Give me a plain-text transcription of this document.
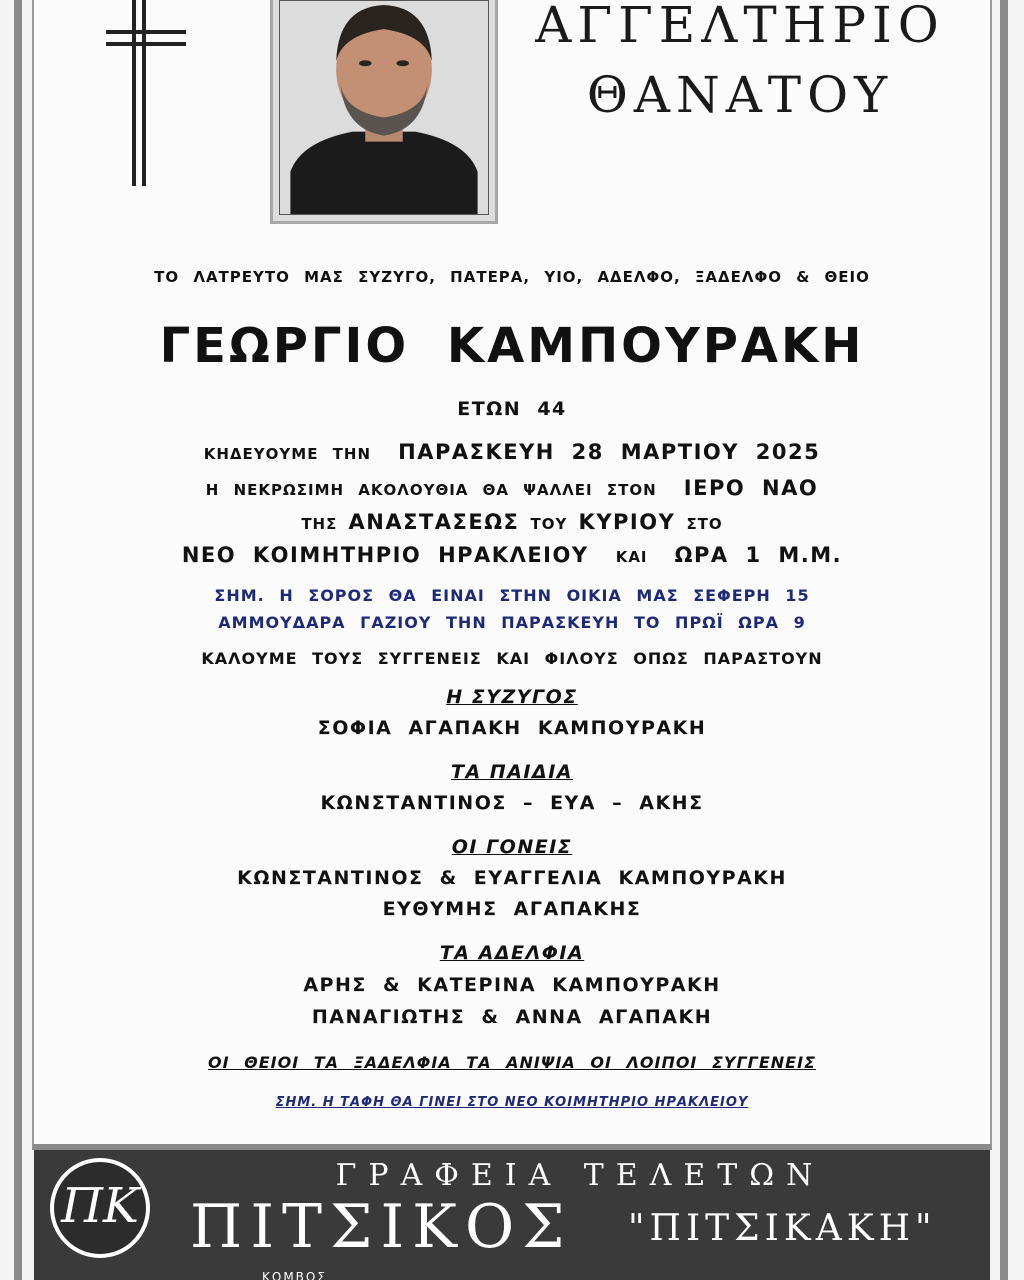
ΑΓΓΕΛΤΗΡΙΟ
ΘΑΝΑΤΟΥ
ΤΟ ΛΑΤΡΕΥΤΟ ΜΑΣ ΣΥΖΥΓΟ, ΠΑΤΕΡΑ, ΥΙΟ, ΑΔΕΛΦΟ, ΞΑΔΕΛΦΟ & ΘΕΙΟ
ΓΕΩΡΓΙΟ ΚΑΜΠΟΥΡΑΚΗ
ΕΤΩΝ 44
ΚΗΔΕΥΟΥΜΕ ΤΗΝ ΠΑΡΑΣΚΕΥΗ 28 ΜΑΡΤΙΟΥ 2025
Η ΝΕΚΡΩΣΙΜΗ ΑΚΟΛΟΥΘΙΑ ΘΑ ΨΑΛΛΕΙ ΣΤΟΝ ΙΕΡΟ ΝΑΟ
ΤΗΣ ΑΝΑΣΤΑΣΕΩΣ ΤΟΥ ΚΥΡΙΟΥ ΣΤΟ
ΝΕΟ ΚΟΙΜΗΤΗΡΙΟ ΗΡΑΚΛΕΙΟΥ ΚΑΙ ΩΡΑ 1 Μ.Μ.
ΣΗΜ. Η ΣΟΡΟΣ ΘΑ ΕΙΝΑΙ ΣΤΗΝ ΟΙΚΙΑ ΜΑΣ ΣΕΦΕΡΗ 15
ΑΜΜΟΥΔΑΡΑ ΓΑΖΙΟΥ ΤΗΝ ΠΑΡΑΣΚΕΥΗ ΤΟ ΠΡΩΪ ΩΡΑ 9
ΚΑΛΟΥΜΕ ΤΟΥΣ ΣΥΓΓΕΝΕΙΣ ΚΑΙ ΦΙΛΟΥΣ ΟΠΩΣ ΠΑΡΑΣΤΟΥΝ
Η ΣΥΖΥΓΟΣ
ΣΟΦΙΑ ΑΓΑΠΑΚΗ ΚΑΜΠΟΥΡΑΚΗ
ΤΑ ΠΑΙΔΙΑ
ΚΩΝΣΤΑΝΤΙΝΟΣ – ΕΥΑ – ΑΚΗΣ
ΟΙ ΓΟΝΕΙΣ
ΚΩΝΣΤΑΝΤΙΝΟΣ & ΕΥΑΓΓΕΛΙΑ ΚΑΜΠΟΥΡΑΚΗ
ΕΥΘΥΜΗΣ ΑΓΑΠΑΚΗΣ
ΤΑ ΑΔΕΛΦΙΑ
ΑΡΗΣ & ΚΑΤΕΡΙΝΑ ΚΑΜΠΟΥΡΑΚΗ
ΠΑΝΑΓΙΩΤΗΣ & ΑΝΝΑ ΑΓΑΠΑΚΗ
ΟΙ ΘΕΙΟΙ ΤΑ ΞΑΔΕΛΦΙΑ ΤΑ ΑΝΙΨΙΑ ΟΙ ΛΟΙΠΟΙ ΣΥΓΓΕΝΕΙΣ
ΣΗΜ. Η ΤΑΦΗ ΘΑ ΓΙΝΕΙ ΣΤΟ ΝΕΟ ΚΟΙΜΗΤΗΡΙΟ ΗΡΑΚΛΕΙΟΥ
ΠΚ
ΓΡΑΦΕΙΑ ΤΕΛΕΤΩΝ
ΠΙΤΣΙΚΟΣ	"ΠΙΤΣΙΚΑΚΗ"
ΚΟΜΒΟΣ
